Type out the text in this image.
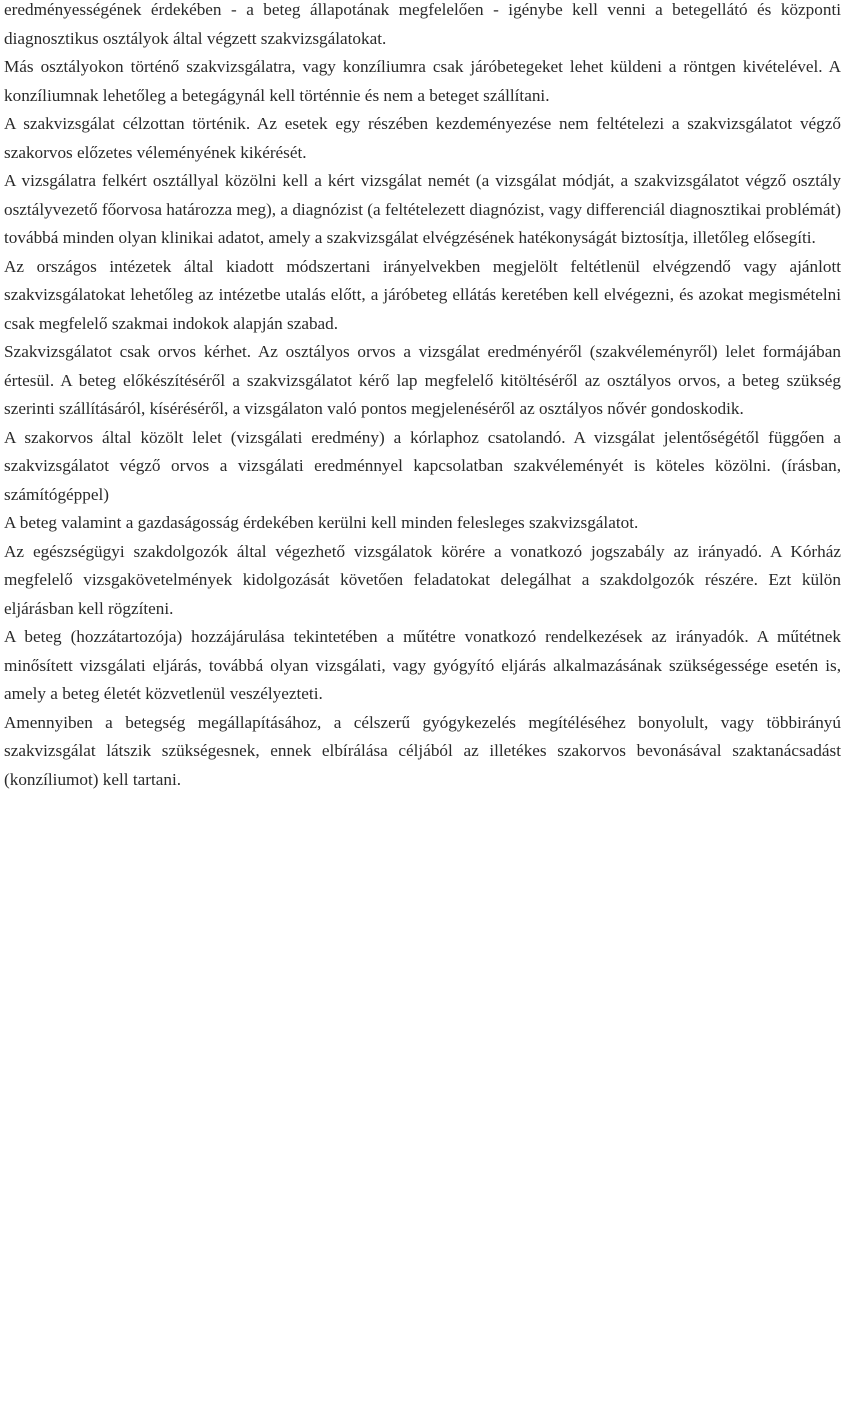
eredményességének érdekében - a beteg állapotának megfelelően - igénybe kell venni a betegellátó és központi diagnosztikus osztályok által végzett szakvizsgálatokat.

Más osztályokon történő szakvizsgálatra, vagy konzíliumra csak járóbetegeket lehet küldeni a röntgen kivételével. A konzíliumnak lehetőleg a betegágynál kell történnie és nem a beteget szállítani.

A szakvizsgálat célzottan történik. Az esetek egy részében kezdeményezése nem feltételezi a szakvizsgálatot végző szakorvos előzetes véleményének kikérését.

A vizsgálatra felkért osztállyal közölni kell a kért vizsgálat nemét (a vizsgálat módját, a szakvizsgálatot végző osztály osztályvezető főorvosa határozza meg), a diagnózist (a feltételezett diagnózist, vagy differenciál diagnosztikai problémát) továbbá minden olyan klinikai adatot, amely a szakvizsgálat elvégzésének hatékonyságát biztosítja, illetőleg elősegíti.

Az országos intézetek által kiadott módszertani irányelvekben megjelölt feltétlenül elvégzendő vagy ajánlott szakvizsgálatokat lehetőleg az intézetbe utalás előtt, a járóbeteg ellátás keretében kell elvégezni, és azokat megismételni csak megfelelő szakmai indokok alapján szabad.

Szakvizsgálatot csak orvos kérhet. Az osztályos orvos a vizsgálat eredményéről (szakvéleményről) lelet formájában értesül. A beteg előkészítéséről a szakvizsgálatot kérő lap megfelelő kitöltéséről az osztályos orvos, a beteg szükség szerinti szállításáról, kíséréséről, a vizsgálaton való pontos megjelenéséről az osztályos nővér gondoskodik.

A szakorvos által közölt lelet (vizsgálati eredmény) a kórlaphoz csatolandó. A vizsgálat jelentőségétől függően a szakvizsgálatot végző orvos a vizsgálati eredménnyel kapcsolatban szakvéleményét is köteles közölni. (írásban, számítógéppel)

A beteg valamint a gazdaságosság érdekében kerülni kell minden felesleges szakvizsgálatot.

Az egészségügyi szakdolgozók által végezhető vizsgálatok körére a vonatkozó jogszabály az irányadó. A Kórház megfelelő vizsgakövetelmények kidolgozását követően feladatokat delegálhat a szakdolgozók részére. Ezt külön eljárásban kell rögzíteni.

A beteg (hozzátartozója) hozzájárulása tekintetében a műtétre vonatkozó rendelkezések az irányadók. A műtétnek minősített vizsgálati eljárás, továbbá olyan vizsgálati, vagy gyógyító eljárás alkalmazásának szükségessége esetén is, amely a beteg életét közvetlenül veszélyezteti.

Amennyiben a betegség megállapításához, a célszerű gyógykezelés megítéléséhez bonyolult, vagy többirányú szakvizsgálat látszik szükségesnek, ennek elbírálása céljából az illetékes szakorvos bevonásával szaktanácsadást (konzíliumot) kell tartani.
